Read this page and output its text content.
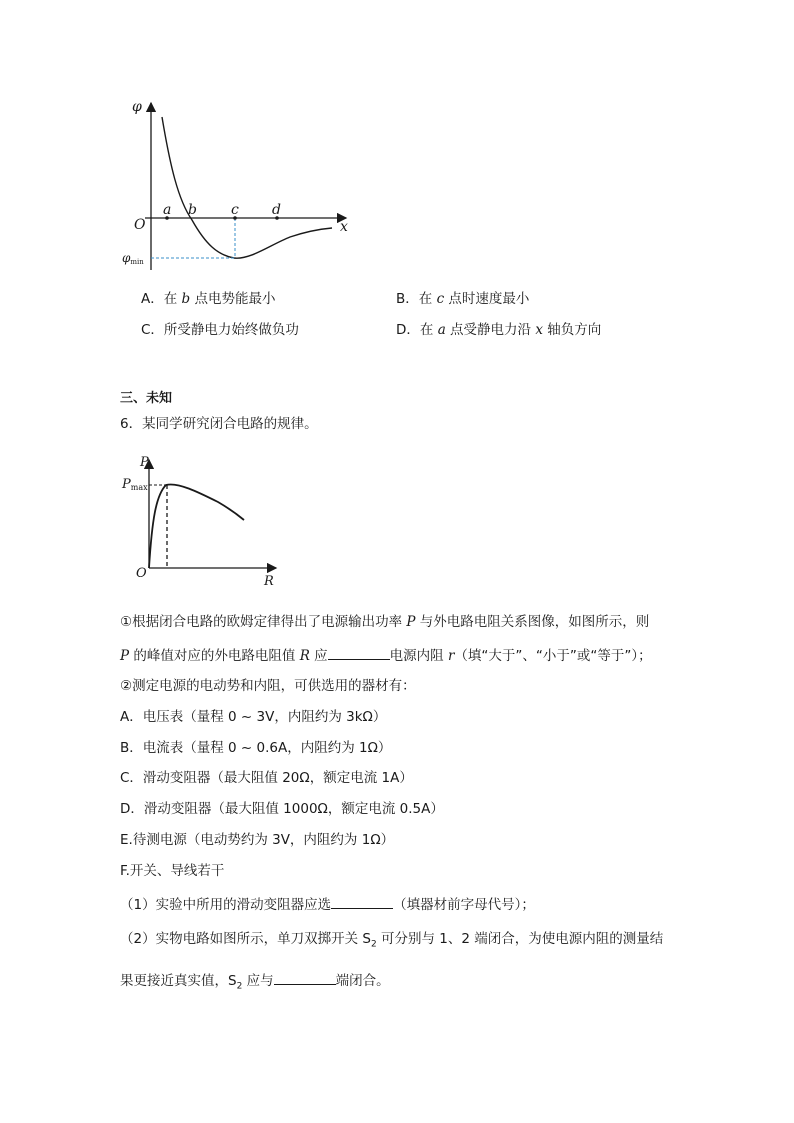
φ
O	x
a b c d
φmin
A．在 b 点电势能最小	B．在 c 点时速度最小
C．所受静电力始终做负功	D．在 a 点受静电力沿 x 轴负方向
三、未知
6．某同学研究闭合电路的规律。
P
Pmax
O
R
①根据闭合电路的欧姆定律得出了电源输出功率 P 与外电路电阻关系图像，如图所示，则
P 的峰值对应的外电路电阻值 R 应	电源内阻 r（填“大于”、“小于”或“等于”）；
②测定电源的电动势和内阻，可供选用的器材有：
A．电压表（量程 0 ~ 3V，内阻约为 3kΩ）
B．电流表（量程 0 ~ 0.6A，内阻约为 1Ω）
C．滑动变阻器（最大阻值 20Ω，额定电流 1A）
D．滑动变阻器（最大阻值 1000Ω，额定电流 0.5A）
E.待测电源（电动势约为 3V，内阻约为 1Ω）
F.开关、导线若干
（1）实验中所用的滑动变阻器应选	（填器材前字母代号）；
（2）实物电路如图所示，单刀双掷开关 $S_2$ 可分别与 1、2 端闭合，为使电源内阻的测量结
果更接近真实值，$S_2$ 应与	端闭合。
